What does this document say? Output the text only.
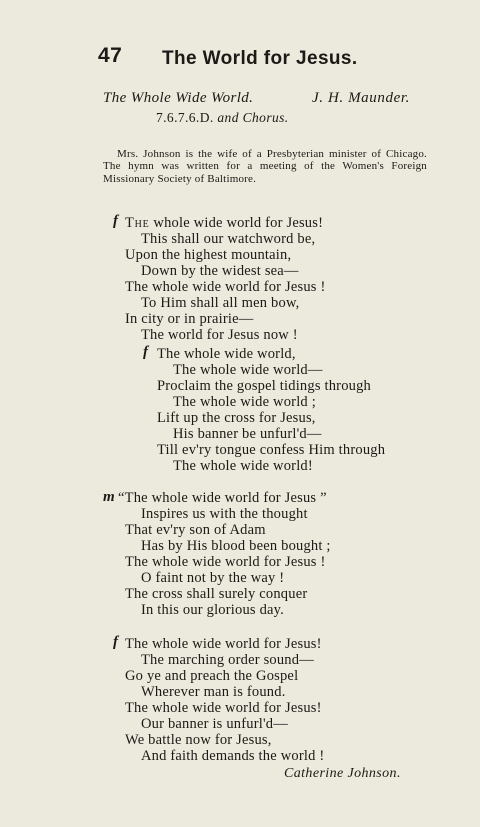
47 The World for Jesus.
The Whole Wide World.	J. H. Maunder.
7.6.7.6.D. and Chorus.
Mrs. Johnson is the wife of a Presbyterian minister of Chicago. The hymn was written for a meeting of the Women's Foreign Missionary Society of Baltimore.
f The whole wide world for Jesus!
This shall our watchword be,
Upon the highest mountain,
Down by the widest sea—
The whole wide world for Jesus !
To Him shall all men bow,
In city or in prairie—
The world for Jesus now !
f The whole wide world,
The whole wide world—
Proclaim the gospel tidings through
The whole wide world ;
Lift up the cross for Jesus,
His banner be unfurl'd—
Till ev'ry tongue confess Him through
The whole wide world!
m “The whole wide world for Jesus ”
Inspires us with the thought
That ev'ry son of Adam
Has by His blood been bought ;
The whole wide world for Jesus !
O faint not by the way !
The cross shall surely conquer
In this our glorious day.
f The whole wide world for Jesus!
The marching order sound—
Go ye and preach the Gospel
Wherever man is found.
The whole wide world for Jesus!
Our banner is unfurl'd—
We battle now for Jesus,
And faith demands the world !
Catherine Johnson.
